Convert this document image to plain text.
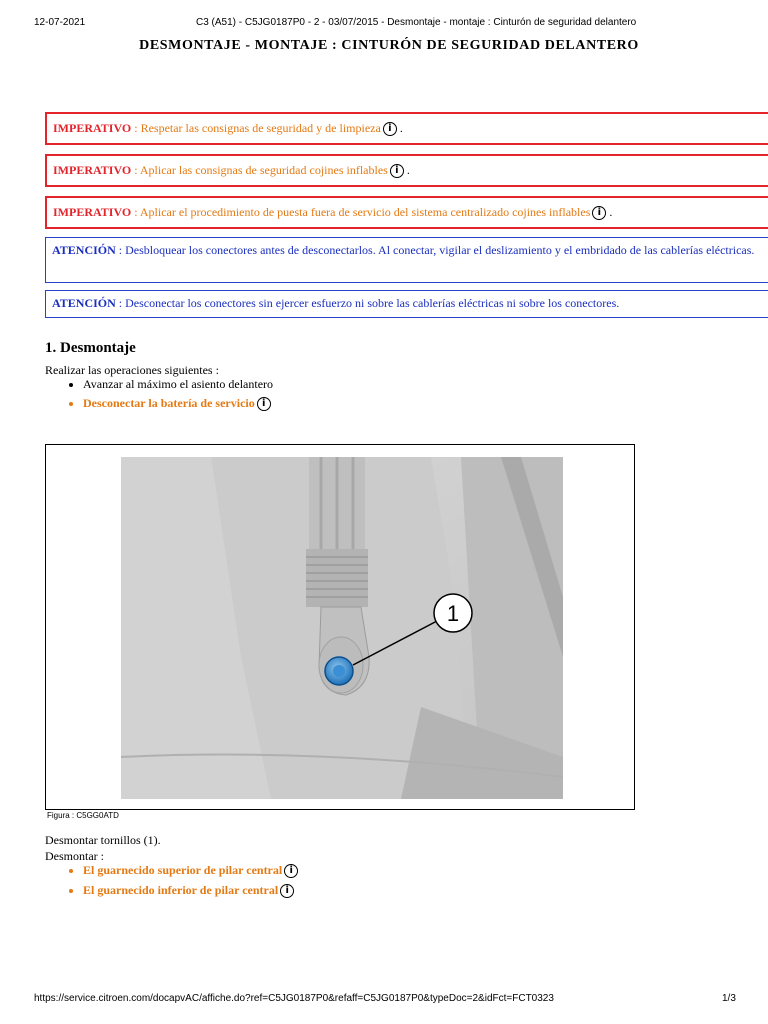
12-07-2021	C3 (A51) - C5JG0187P0 - 2 - 03/07/2015 - Desmontaje - montaje : Cinturón de seguridad delantero
DESMONTAJE - MONTAJE : CINTURÓN DE SEGURIDAD DELANTERO
IMPERATIVO : Respetar las consignas de seguridad y de limpieza i .
IMPERATIVO : Aplicar las consignas de seguridad cojines inflables i .
IMPERATIVO : Aplicar el procedimiento de puesta fuera de servicio del sistema centralizado cojines inflables i .
ATENCIÓN : Desbloquear los conectores antes de desconectarlos. Al conectar, vigilar el deslizamiento y el embridado de las cablerías eléctricas.
ATENCIÓN : Desconectar los conectores sin ejercer esfuerzo ni sobre las cablerías eléctricas ni sobre los conectores.
1. Desmontaje
Realizar las operaciones siguientes :
• Avanzar al máximo el asiento delantero
• Desconectar la batería de servicio i
1
Figura : C5GG0ATD
Desmontar tornillos (1).
Desmontar :
• El guarnecido superior de pilar central i
• El guarnecido inferior de pilar central i
https://service.citroen.com/docapvAC/affiche.do?ref=C5JG0187P0&refaff=C5JG0187P0&typeDoc=2&idFct=FCT0323	1/3
